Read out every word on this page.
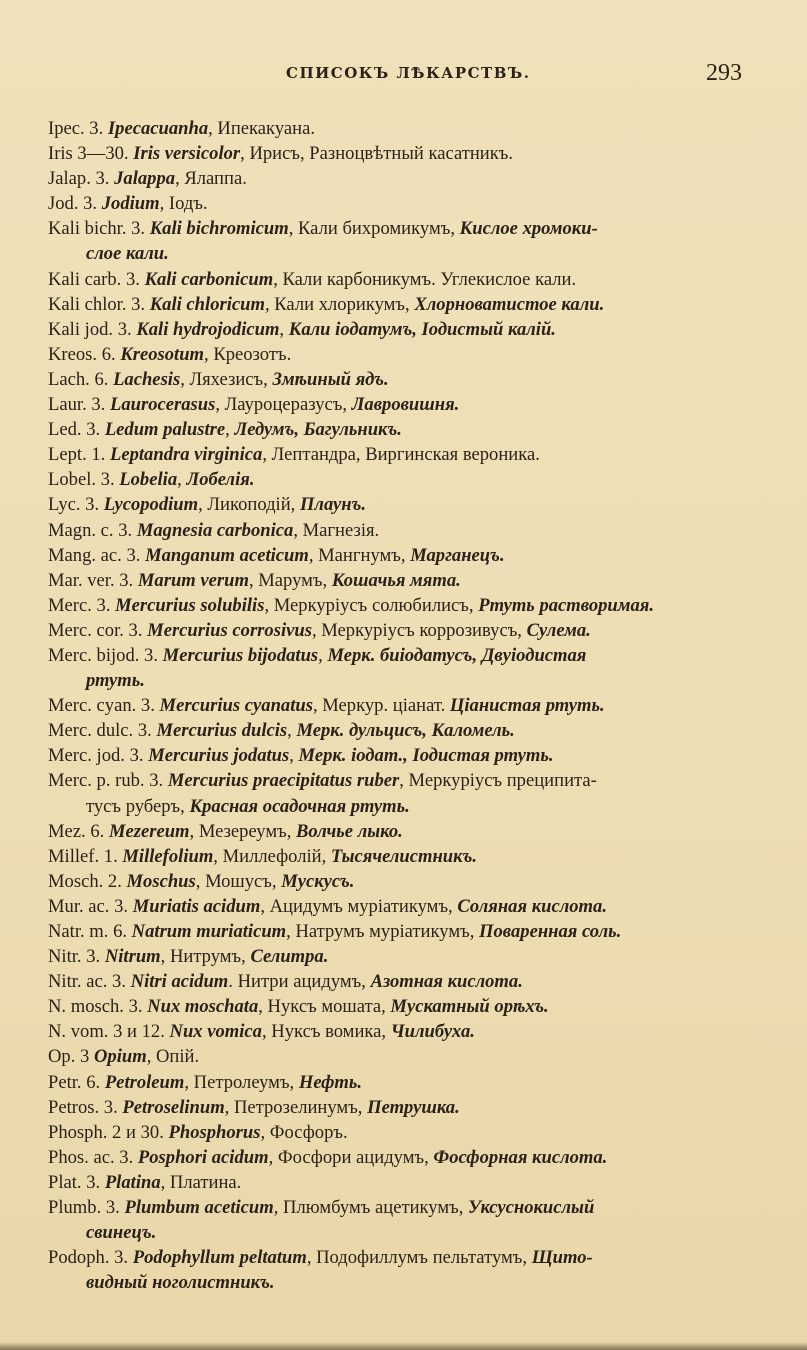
СПИСОКЪ ЛѢКАРСТВЪ.	293
Ipec. 3. Ipecacuanha, Ипекакуана.
Iris 3—30. Iris versicolor, Ирисъ, Разноцвѣтный касатникъ.
Jalap. 3. Jalappa, Ялаппа.
Jod. 3. Jodium, Іодъ.
Kali bichr. 3. Kali bichromicum, Кали бихромикумъ, Кислое хромоки-
слое кали.
Kali carb. 3. Kali carbonicum, Кали карбоникумъ. Углекислое кали.
Kali chlor. 3. Kali chloricum, Кали хлорикумъ, Хлорноватистое кали.
Kali jod. 3. Kali hydrojodicum, Кали іодатумъ, Іодистый калій.
Kreos. 6. Kreosotum, Креозотъ.
Lach. 6. Lachesis, Ляхезисъ, Змѣиный ядъ.
Laur. 3. Laurocerasus, Лауроцеразусъ, Лавровишня.
Led. 3. Ledum palustre, Ледумъ, Багульникъ.
Lept. 1. Leptandra virginica, Лептандра, Виргинская вероника.
Lobel. 3. Lobelia, Лобелія.
Lyc. 3. Lycopodium, Ликоподій, Плаунъ.
Magn. c. 3. Magnesia carbonica, Магнезія.
Mang. ac. 3. Manganum aceticum, Мангнумъ, Марганецъ.
Mar. ver. 3. Marum verum, Марумъ, Кошачья мята.
Merc. 3. Mercurius solubilis, Меркуріусъ солюбилисъ, Ртуть растворимая.
Merc. cor. 3. Mercurius corrosivus, Меркуріусъ коррозивусъ, Сулема.
Merc. bijod. 3. Mercurius bijodatus, Мерк. биіодатусъ, Двуіодистая
ртуть.
Merc. cyan. 3. Mercurius cyanatus, Меркур. ціанат. Ціанистая ртуть.
Merc. dulc. 3. Mercurius dulcis, Мерк. дульцисъ, Каломель.
Merc. jod. 3. Mercurius jodatus, Мерк. іодат., Іодистая ртуть.
Merc. p. rub. 3. Mercurius praecipitatus ruber, Меркуріусъ преципита-
тусъ руберъ, Красная осадочная ртуть.
Mez. 6. Mezereum, Мезереумъ, Волчье лыко.
Millef. 1. Millefolium, Миллефолій, Тысячелистникъ.
Mosch. 2. Moschus, Мошусъ, Мускусъ.
Mur. ac. 3. Muriatis acidum, Ацидумъ муріатикумъ, Соляная кислота.
Natr. m. 6. Natrum muriaticum, Натрумъ муріатикумъ, Поваренная соль.
Nitr. 3. Nitrum, Нитрумъ, Селитра.
Nitr. ac. 3. Nitri acidum. Нитри ацидумъ, Азотная кислота.
N. mosch. 3. Nux moschata, Нуксъ мошата, Мускатный орѣхъ.
N. vom. 3 и 12. Nux vomica, Нуксъ вомика, Чилибуха.
Op. 3 Opium, Опій.
Petr. 6. Petroleum, Петролеумъ, Нефть.
Petros. 3. Petroselinum, Петрозелинумъ, Петрушка.
Phosph. 2 и 30. Phosphorus, Фосфоръ.
Phos. ac. 3. Posphori acidum, Фосфори ацидумъ, Фосфорная кислота.
Plat. 3. Platina, Платина.
Plumb. 3. Plumbum aceticum, Плюмбумъ ацетикумъ, Уксуснокислый
свинецъ.
Podoph. 3. Podophyllum peltatum, Подофиллумъ пельтатумъ, Щито-
видный ноголистникъ.
